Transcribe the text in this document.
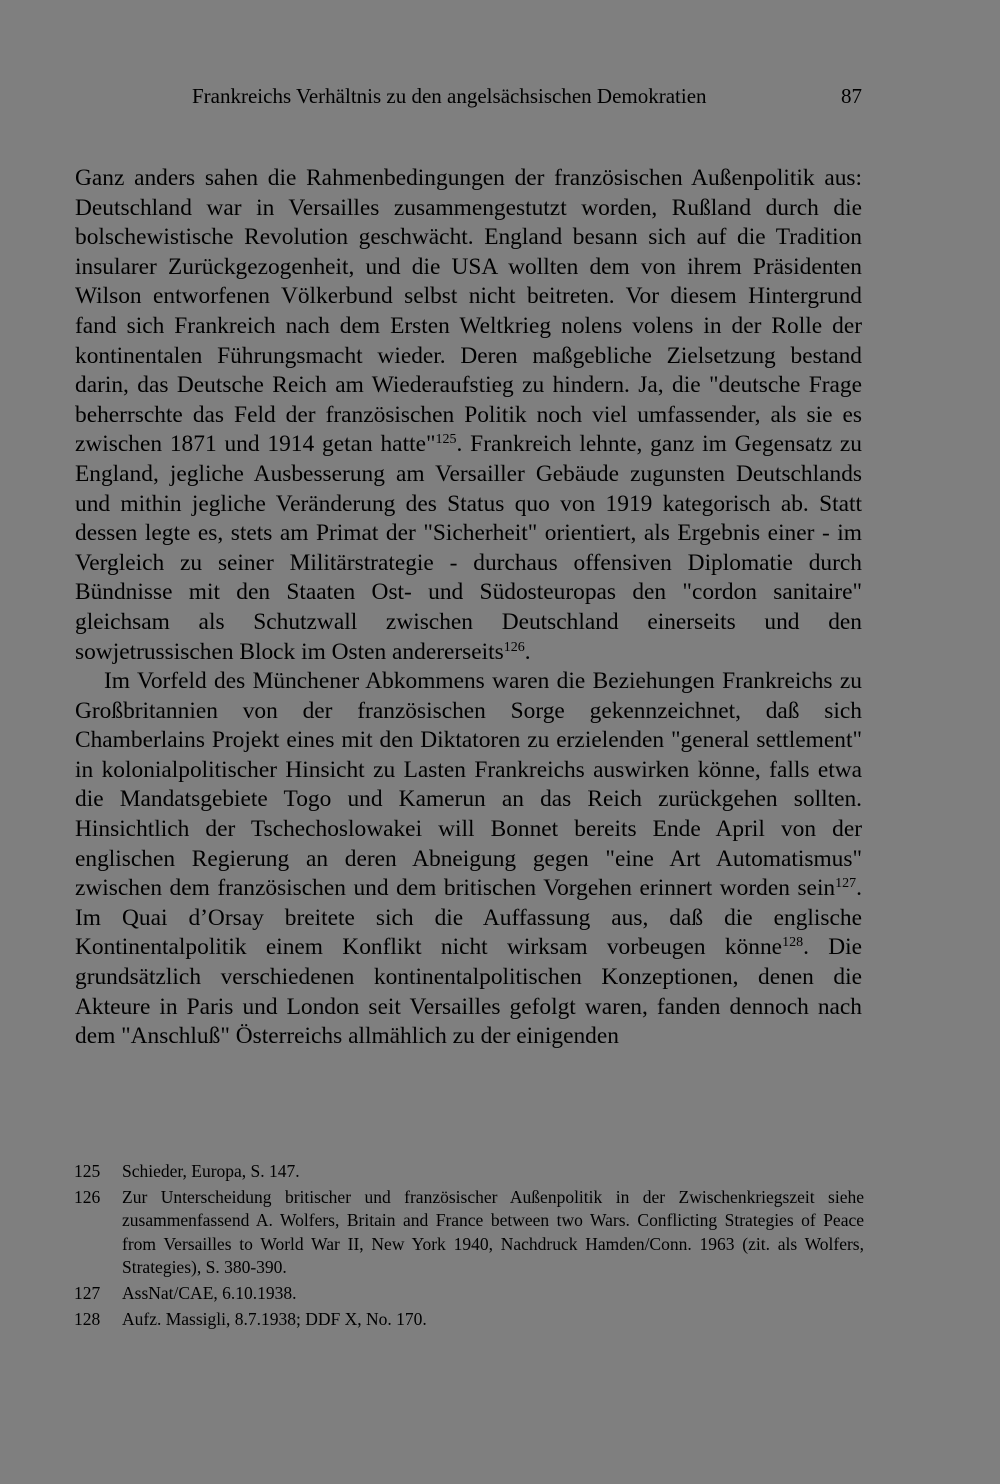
Frankreichs Verhältnis zu den angelsächsischen Demokratien	87

Ganz anders sahen die Rahmenbedingungen der französischen Außenpolitik aus: Deutschland war in Versailles zusammengestutzt worden, Rußland durch die bolschewistische Revolution geschwächt. England besann sich auf die Tradition insularer Zurückgezogenheit, und die USA wollten dem von ihrem Präsidenten Wilson entworfenen Völkerbund selbst nicht beitreten. Vor diesem Hintergrund fand sich Frankreich nach dem Ersten Weltkrieg nolens volens in der Rolle der kontinentalen Führungsmacht wieder. Deren maßgebliche Zielsetzung bestand darin, das Deutsche Reich am Wiederaufstieg zu hindern. Ja, die "deutsche Frage beherrschte das Feld der französischen Politik noch viel umfassender, als sie es zwischen 1871 und 1914 getan hatte"$^{125}$. Frankreich lehnte, ganz im Gegensatz zu England, jegliche Ausbesserung am Versailler Gebäude zugunsten Deutschlands und mithin jegliche Veränderung des Status quo von 1919 kategorisch ab. Statt dessen legte es, stets am Primat der "Sicherheit" orientiert, als Ergebnis einer - im Vergleich zu seiner Militärstrategie - durchaus offensiven Diplomatie durch Bündnisse mit den Staaten Ost- und Südosteuropas den "cordon sanitaire" gleichsam als Schutzwall zwischen Deutschland einerseits und den sowjetrussischen Block im Osten andererseits$^{126}$.

Im Vorfeld des Münchener Abkommens waren die Beziehungen Frankreichs zu Großbritannien von der französischen Sorge gekennzeichnet, daß sich Chamberlains Projekt eines mit den Diktatoren zu erzielenden "general settlement" in kolonialpolitischer Hinsicht zu Lasten Frankreichs auswirken könne, falls etwa die Mandatsgebiete Togo und Kamerun an das Reich zurückgehen sollten. Hinsichtlich der Tschechoslowakei will Bonnet bereits Ende April von der englischen Regierung an deren Abneigung gegen "eine Art Automatismus" zwischen dem französischen und dem britischen Vorgehen erinnert worden sein$^{127}$. Im Quai d’Orsay breitete sich die Auffassung aus, daß die englische Kontinentalpolitik einem Konflikt nicht wirksam vorbeugen könne$^{128}$. Die grundsätzlich verschiedenen kontinentalpolitischen Konzeptionen, denen die Akteure in Paris und London seit Versailles gefolgt waren, fanden dennoch nach dem "Anschluß" Österreichs allmählich zu der einigenden

125 Schieder, Europa, S. 147.
126 Zur Unterscheidung britischer und französischer Außenpolitik in der Zwischenkriegszeit siehe zusammenfassend A. Wolfers, Britain and France between two Wars. Conflicting Strategies of Peace from Versailles to World War II, New York 1940, Nachdruck Hamden/Conn. 1963 (zit. als Wolfers, Strategies), S. 380-390.
127 AssNat/CAE, 6.10.1938.
128 Aufz. Massigli, 8.7.1938; DDF X, No. 170.
